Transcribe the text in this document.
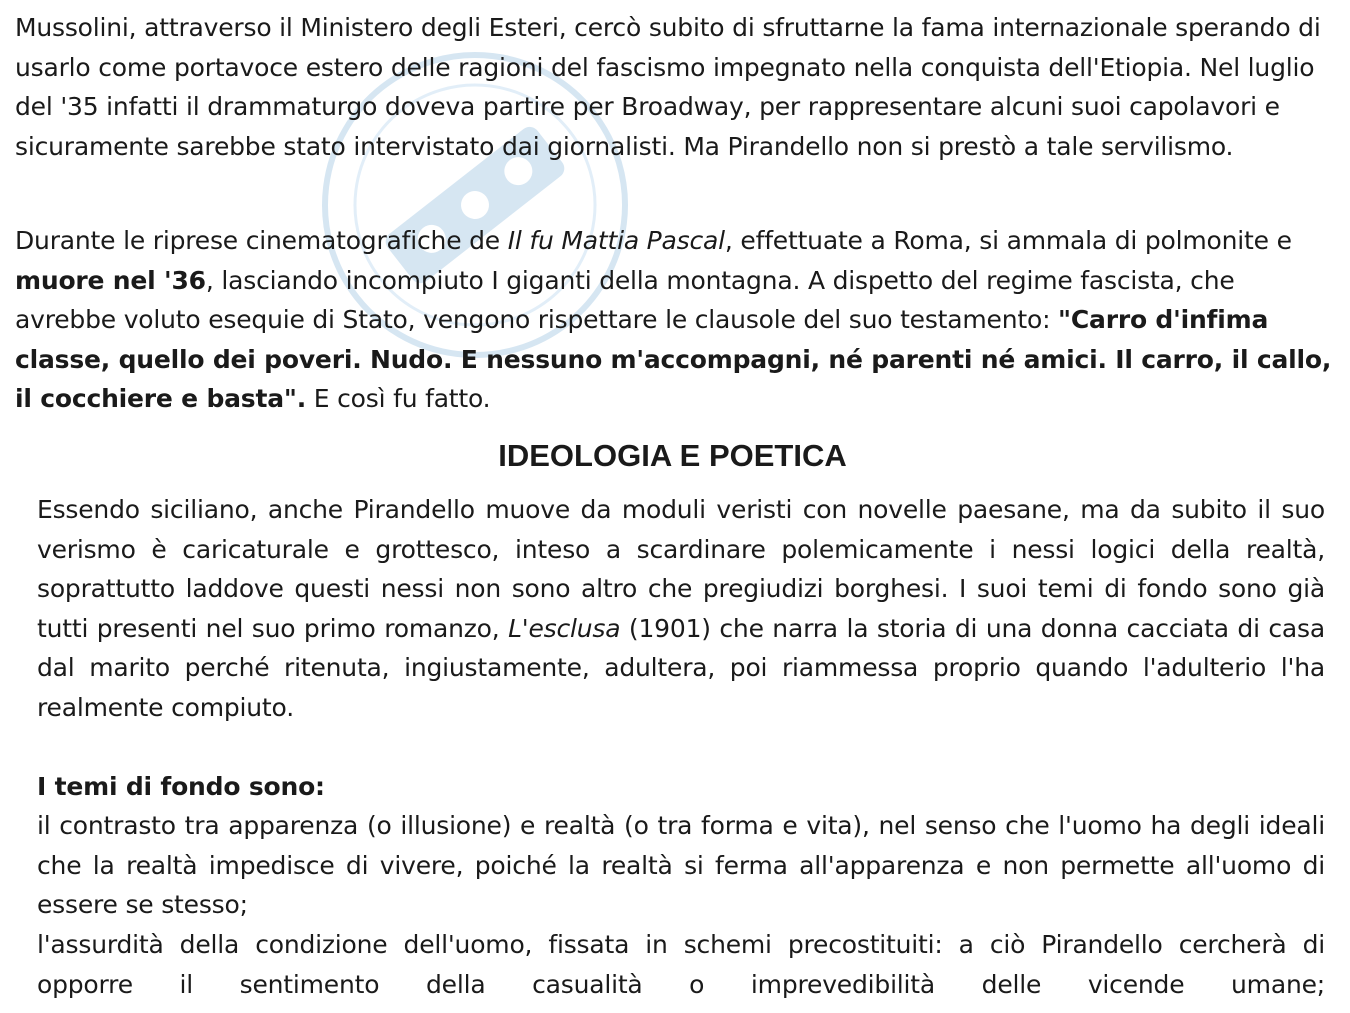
Mussolini, attraverso il Ministero degli Esteri, cercò subito di sfruttarne la fama internazionale sperando di usarlo come portavoce estero delle ragioni del fascismo impegnato nella conquista dell'Etiopia. Nel luglio del '35 infatti il drammaturgo doveva partire per Broadway, per rappresentare alcuni suoi capolavori e sicuramente sarebbe stato intervistato dai giornalisti. Ma Pirandello non si prestò a tale servilismo.

Durante le riprese cinematografiche de Il fu Mattia Pascal, effettuate a Roma, si ammala di polmonite e muore nel '36, lasciando incompiuto I giganti della montagna. A dispetto del regime fascista, che avrebbe voluto esequie di Stato, vengono rispettare le clausole del suo testamento: "Carro d'infima classe, quello dei poveri. Nudo. E nessuno m'accompagni, né parenti né amici. Il carro, il callo, il cocchiere e basta". E così fu fatto.

IDEOLOGIA E POETICA

Essendo siciliano, anche Pirandello muove da moduli veristi con novelle paesane, ma da subito il suo verismo è caricaturale e grottesco, inteso a scardinare polemicamente i nessi logici della realtà, soprattutto laddove questi nessi non sono altro che pregiudizi borghesi. I suoi temi di fondo sono già tutti presenti nel suo primo romanzo, L'esclusa (1901) che narra la storia di una donna cacciata di casa dal marito perché ritenuta, ingiustamente, adultera, poi riammessa proprio quando l'adulterio l'ha realmente compiuto.

I temi di fondo sono:

il contrasto tra apparenza (o illusione) e realtà (o tra forma e vita), nel senso che l'uomo ha degli ideali che la realtà impedisce di vivere, poiché la realtà si ferma all'apparenza e non permette all'uomo di essere se stesso;

l'assurdità della condizione dell'uomo, fissata in schemi precostituiti: a ciò Pirandello cercherà di opporre il sentimento della casualità o imprevedibilità delle vicende umane;
